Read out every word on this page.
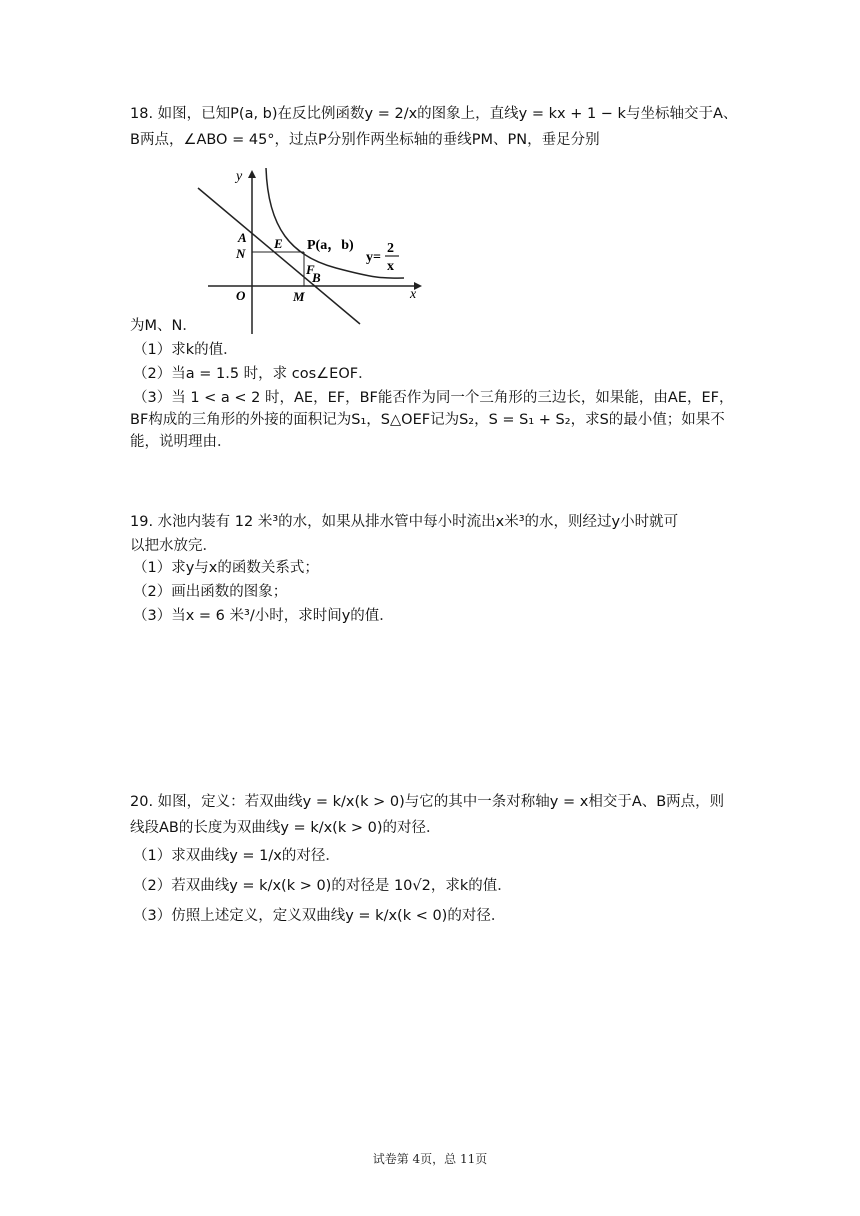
18. 如图，已知P(a, b)在反比例函数y = 2/x的图象上，直线y = kx + 1 − k与坐标轴交于A、
B两点，∠ABO = 45°，过点P分别作两坐标轴的垂线PM、PN，垂足分别
y
x
O
A
N
E
F
B
M
P(a，b)
y=
2
x
为M、N．
（1）求k的值．
（2）当a = 1.5 时，求 cos∠EOF．
（3）当 1 < a < 2 时，AE，EF，BF能否作为同一个三角形的三边长，如果能，由AE，EF，
BF构成的三角形的外接的面积记为S₁，S△OEF记为S₂，S = S₁ + S₂，求S的最小值；如果不
能，说明理由．
19. 水池内装有 12 米³的水，如果从排水管中每小时流出x米³的水，则经过y小时就可
以把水放完．
（1）求y与x的函数关系式；
（2）画出函数的图象；
（3）当x = 6 米³/小时，求时间y的值．
20. 如图，定义：若双曲线y = k/x(k > 0)与它的其中一条对称轴y = x相交于A、B两点，则
线段AB的长度为双曲线y = k/x(k > 0)的对径．
（1）求双曲线y = 1/x的对径．
（2）若双曲线y = k/x(k > 0)的对径是 10√2，求k的值．
（3）仿照上述定义，定义双曲线y = k/x(k < 0)的对径．
试卷第 4页，总 11页
